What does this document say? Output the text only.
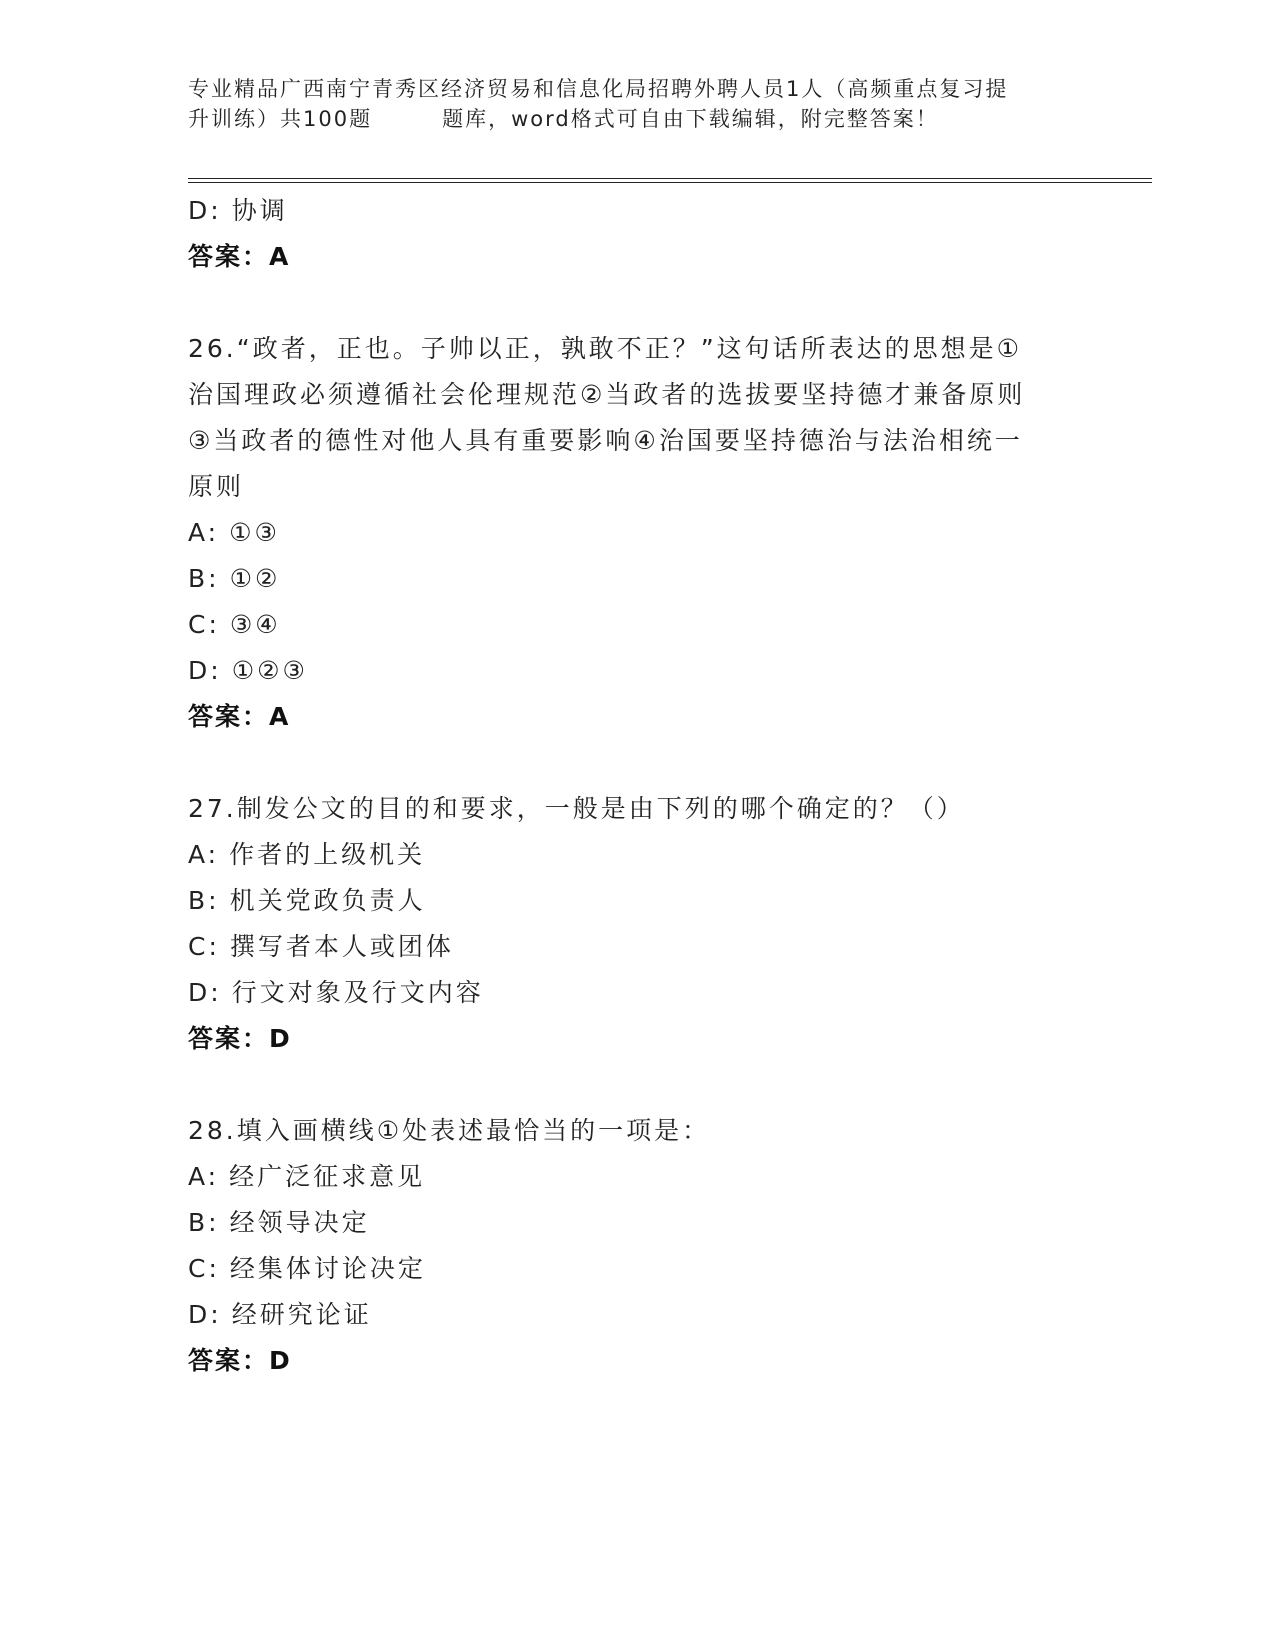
专业精品广西南宁青秀区经济贸易和信息化局招聘外聘人员1人（高频重点复习提
升训练）共100题	题库，word格式可自由下载编辑，附完整答案！
D: 协调
答案：A
26.“政者，正也。子帅以正，孰敢不正？”这句话所表达的思想是①
治国理政必须遵循社会伦理规范②当政者的选拔要坚持德才兼备原则
③当政者的德性对他人具有重要影响④治国要坚持德治与法治相统一
原则
A: ①③
B: ①②
C: ③④
D: ①②③
答案：A
27.制发公文的目的和要求，一般是由下列的哪个确定的？（）
A: 作者的上级机关
B: 机关党政负责人
C: 撰写者本人或团体
D: 行文对象及行文内容
答案：D
28.填入画横线①处表述最恰当的一项是：
A: 经广泛征求意见
B: 经领导决定
C: 经集体讨论决定
D: 经研究论证
答案：D
